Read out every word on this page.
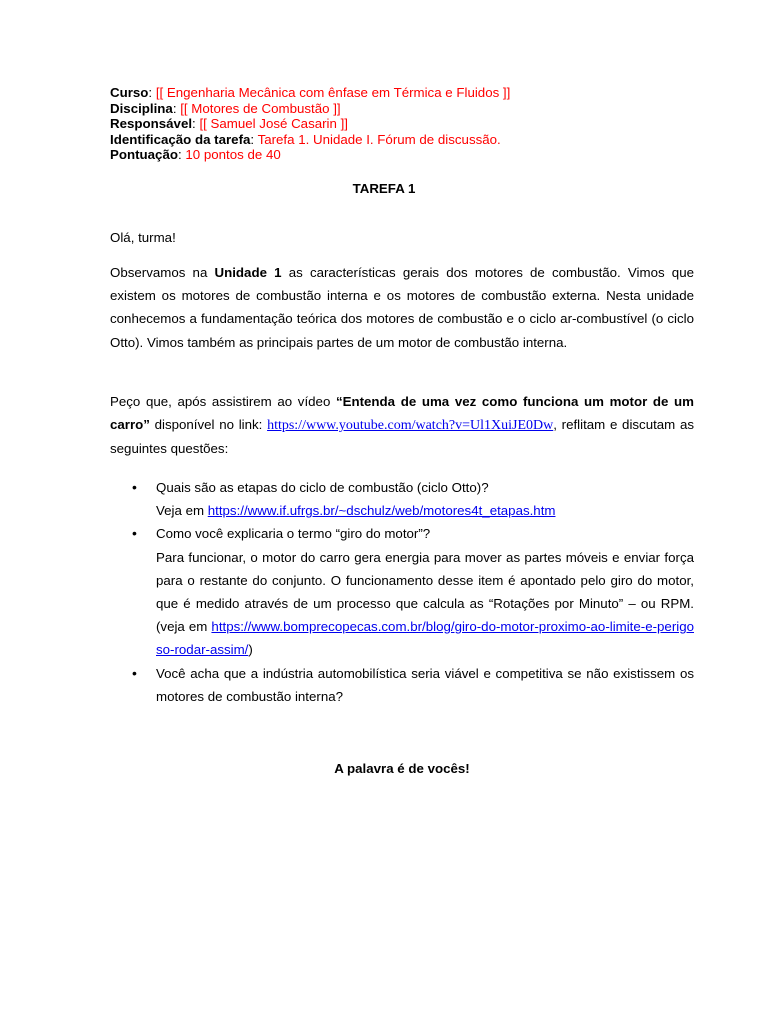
Curso: [[ Engenharia Mecânica com ênfase em Térmica e Fluidos ]]
Disciplina: [[ Motores de Combustão ]]
Responsável: [[ Samuel José Casarin ]]
Identificação da tarefa: Tarefa 1. Unidade I. Fórum de discussão.
Pontuação: 10 pontos de 40
TAREFA 1
Olá, turma!
Observamos na Unidade 1 as características gerais dos motores de combustão. Vimos que existem os motores de combustão interna e os motores de combustão externa. Nesta unidade conhecemos a fundamentação teórica dos motores de combustão e o ciclo ar-combustível (o ciclo Otto). Vimos também as principais partes de um motor de combustão interna.
Peço que, após assistirem ao vídeo “Entenda de uma vez como funciona um motor de um carro” disponível no link: https://www.youtube.com/watch?v=Ul1XuiJE0Dw, reflitam e discutam as seguintes questões:
• Quais são as etapas do ciclo de combustão (ciclo Otto)?
Veja em https://www.if.ufrgs.br/~dschulz/web/motores4t_etapas.htm
• Como você explicaria o termo “giro do motor”?
Para funcionar, o motor do carro gera energia para mover as partes móveis e enviar força para o restante do conjunto. O funcionamento desse item é apontado pelo giro do motor, que é medido através de um processo que calcula as “Rotações por Minuto” – ou RPM. (veja em https://www.bomprecopecas.com.br/blog/giro-do-motor-proximo-ao-limite-e-perigoso-rodar-assim/)
• Você acha que a indústria automobilística seria viável e competitiva se não existissem os motores de combustão interna?
A palavra é de vocês!
